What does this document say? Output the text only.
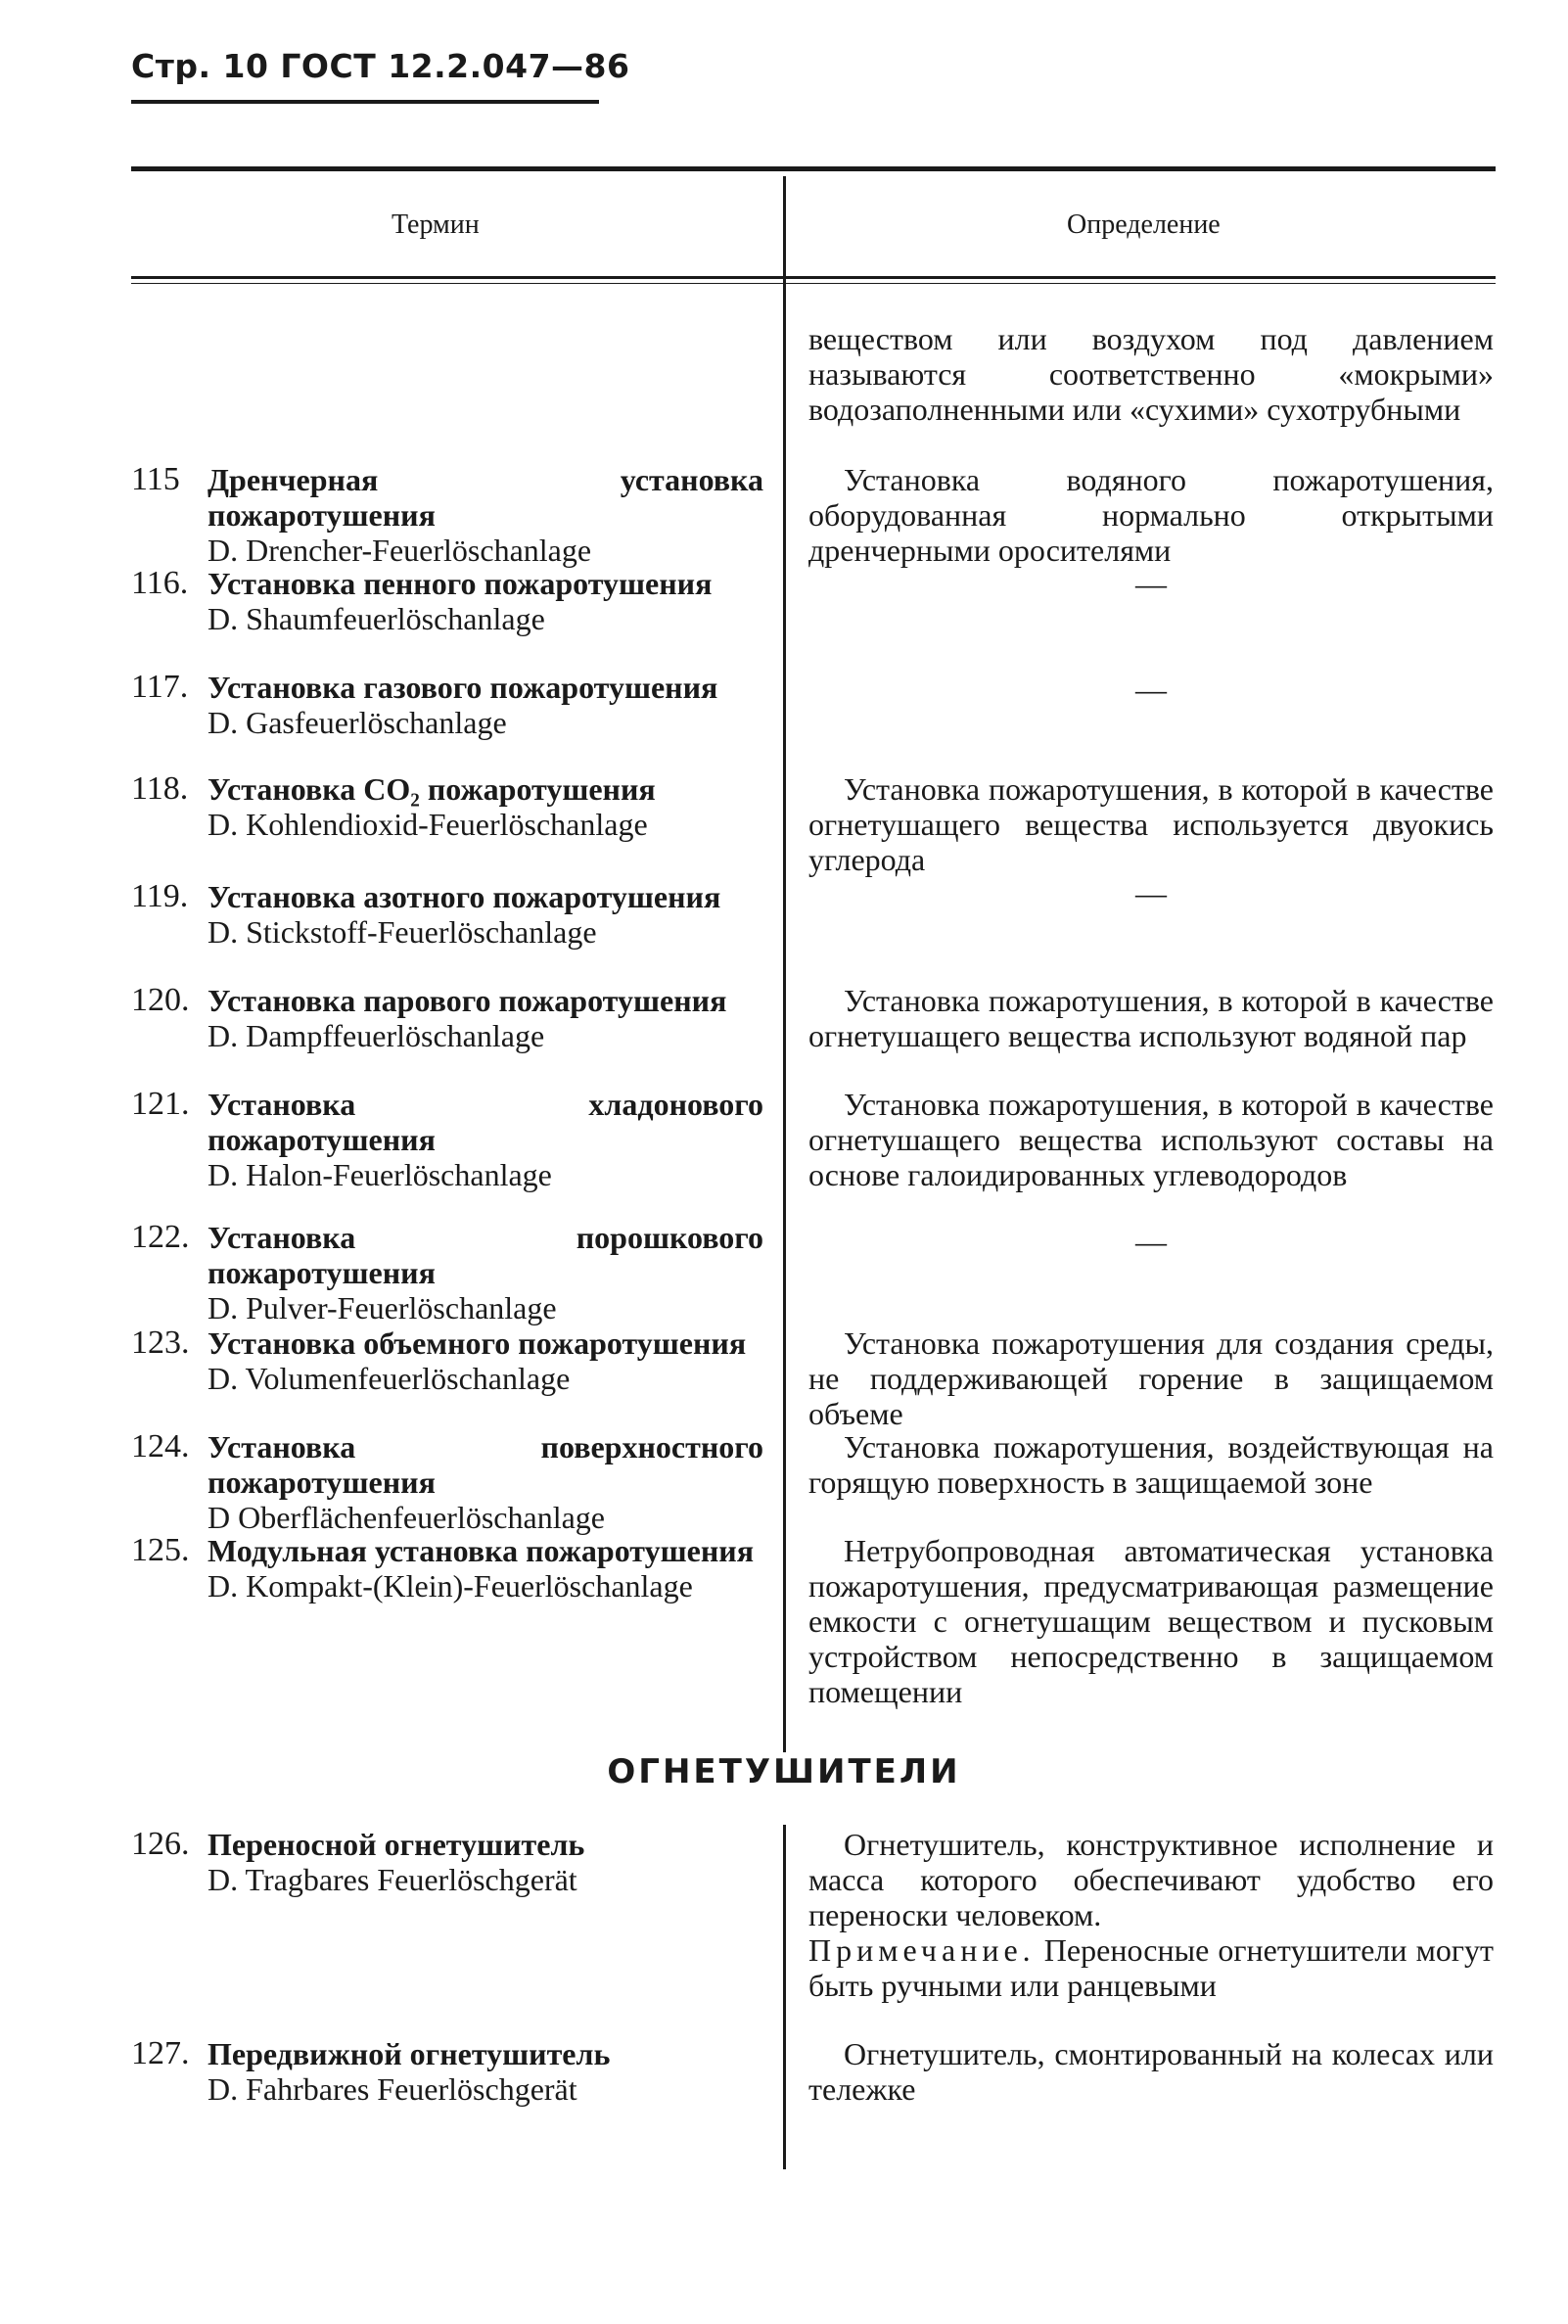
Стр. 10 ГОСТ 12.2.047—86
Термин	Определение
веществом или воздухом под давлением называются соответственно «мокрыми» водозаполненными или «сухими» сухотрубными
115 Дренчерная установка пожаротушения
D. Drencher-Feuerlöschanlage
Установка водяного пожаротушения, оборудованная нормально открытыми дренчерными оросителями
116. Установка пенного пожаротушения
D. Shaumfeuerlöschanlage
—
117. Установка газового пожаротушения
D. Gasfeuerlöschanlage
—
118. Установка CO₂ пожаротушения
D. Kohlendioxid-Feuerlöschanlage
Установка пожаротушения, в которой в качестве огнетушащего вещества используется двуокись углерода
119. Установка азотного пожаротушения
D. Stickstoff-Feuerlöschanlage
—
120. Установка парового пожаротушения
D. Dampffeuerlöschanlage
Установка пожаротушения, в которой в качестве огнетушащего вещества используют водяной пар
121. Установка хладонового пожаротушения
D. Halon-Feuerlöschanlage
Установка пожаротушения, в которой в качестве огнетушащего вещества используют составы на основе галоидированных углеводородов
122. Установка порошкового пожаротушения
D. Pulver-Feuerlöschanlage
—
123. Установка объемного пожаротушения
D. Volumenfeuerlöschanlage
Установка пожаротушения для создания среды, не поддерживающей горение в защищаемом объеме
124. Установка поверхностного пожаротушения
D Oberflächenfeuerlöschanlage
Установка пожаротушения, воздействующая на горящую поверхность в защищаемой зоне
125. Модульная установка пожаротушения
D. Kompakt-(Klein)-Feuerlöschanlage
Нетрубопроводная автоматическая установка пожаротушения, предусматривающая размещение емкости с огнетушащим веществом и пусковым устройством непосредственно в защищаемом помещении
ОГНЕТУШИТЕЛИ
126. Переносной огнетушитель
D. Tragbares Feuerlöschgerät
Огнетушитель, конструктивное исполнение и масса которого обеспечивают удобство его переноски человеком.
Примечание. Переносные огнетушители могут быть ручными или ранцевыми
127. Передвижной огнетушитель
D. Fahrbares Feuerlöschgerät
Огнетушитель, смонтированный на колесах или тележке
